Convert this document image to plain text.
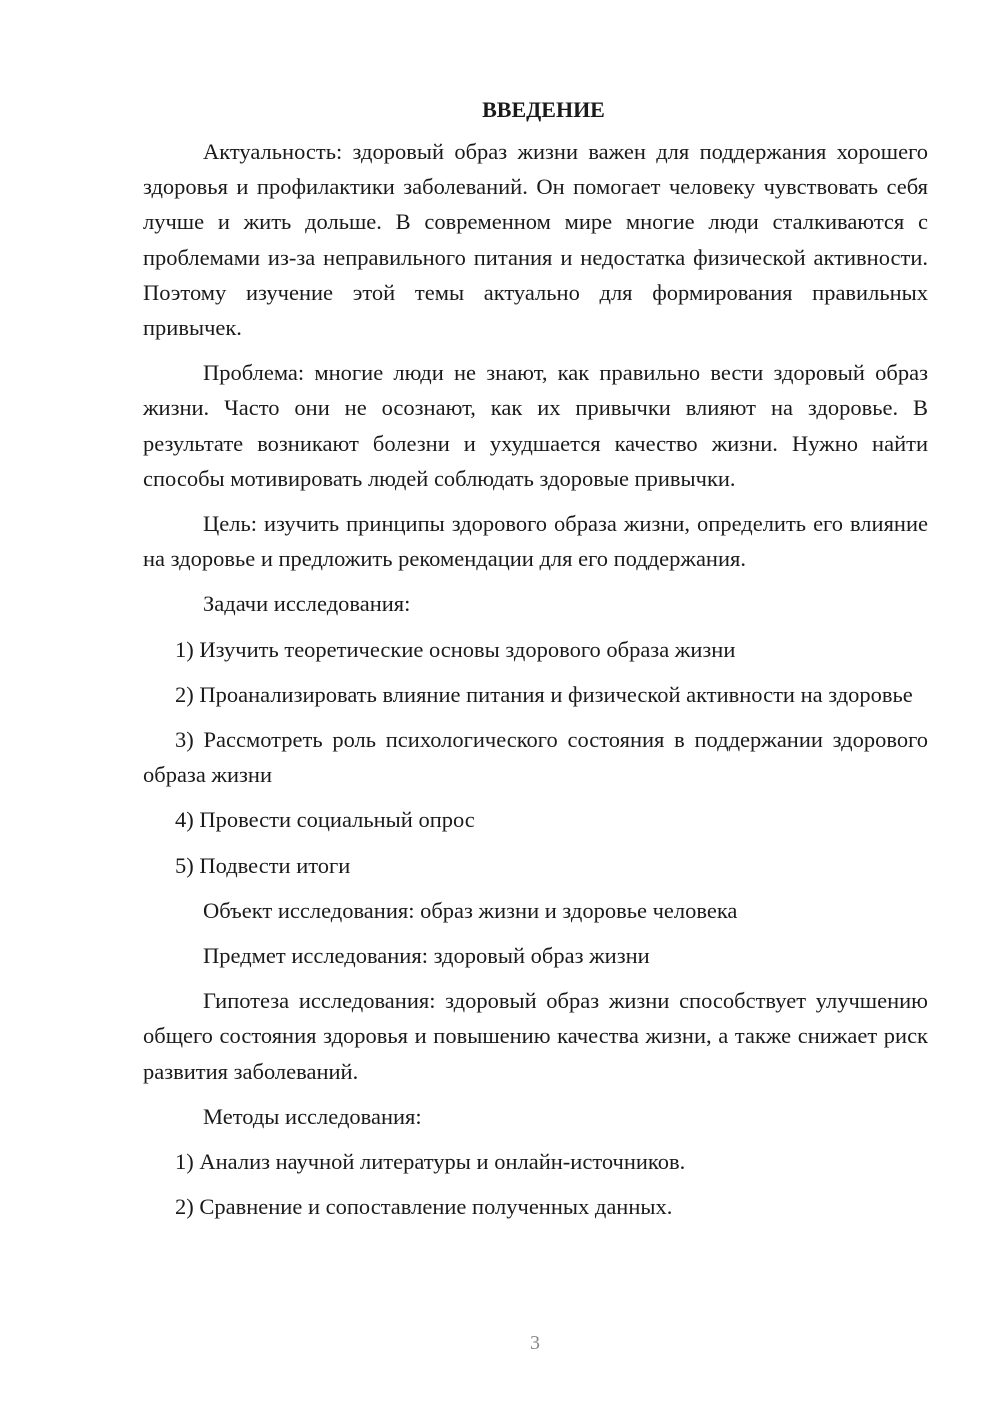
ВВЕДЕНИЕ

Актуальность: здоровый образ жизни важен для поддержания хорошего здоровья и профилактики заболеваний. Он помогает человеку чувствовать себя лучше и жить дольше. В современном мире многие люди сталкиваются с проблемами из-за неправильного питания и недостатка физической активности. Поэтому изучение этой темы актуально для формирования правильных привычек.

Проблема: многие люди не знают, как правильно вести здоровый образ жизни. Часто они не осознают, как их привычки влияют на здоровье. В результате возникают болезни и ухудшается качество жизни. Нужно найти способы мотивировать людей соблюдать здоровые привычки.

Цель: изучить принципы здорового образа жизни, определить его влияние на здоровье и предложить рекомендации для его поддержания.

Задачи исследования:

1) Изучить теоретические основы здорового образа жизни

2) Проанализировать влияние питания и физической активности на здоровье

3) Рассмотреть роль психологического состояния в поддержании здорового образа жизни

4) Провести социальный опрос

5) Подвести итоги

Объект исследования: образ жизни и здоровье человека

Предмет исследования: здоровый образ жизни

Гипотеза исследования: здоровый образ жизни способствует улучшению общего состояния здоровья и повышению качества жизни, а также снижает риск развития заболеваний.

Методы исследования:

1) Анализ научной литературы и онлайн-источников.

2) Сравнение и сопоставление полученных данных.

3
